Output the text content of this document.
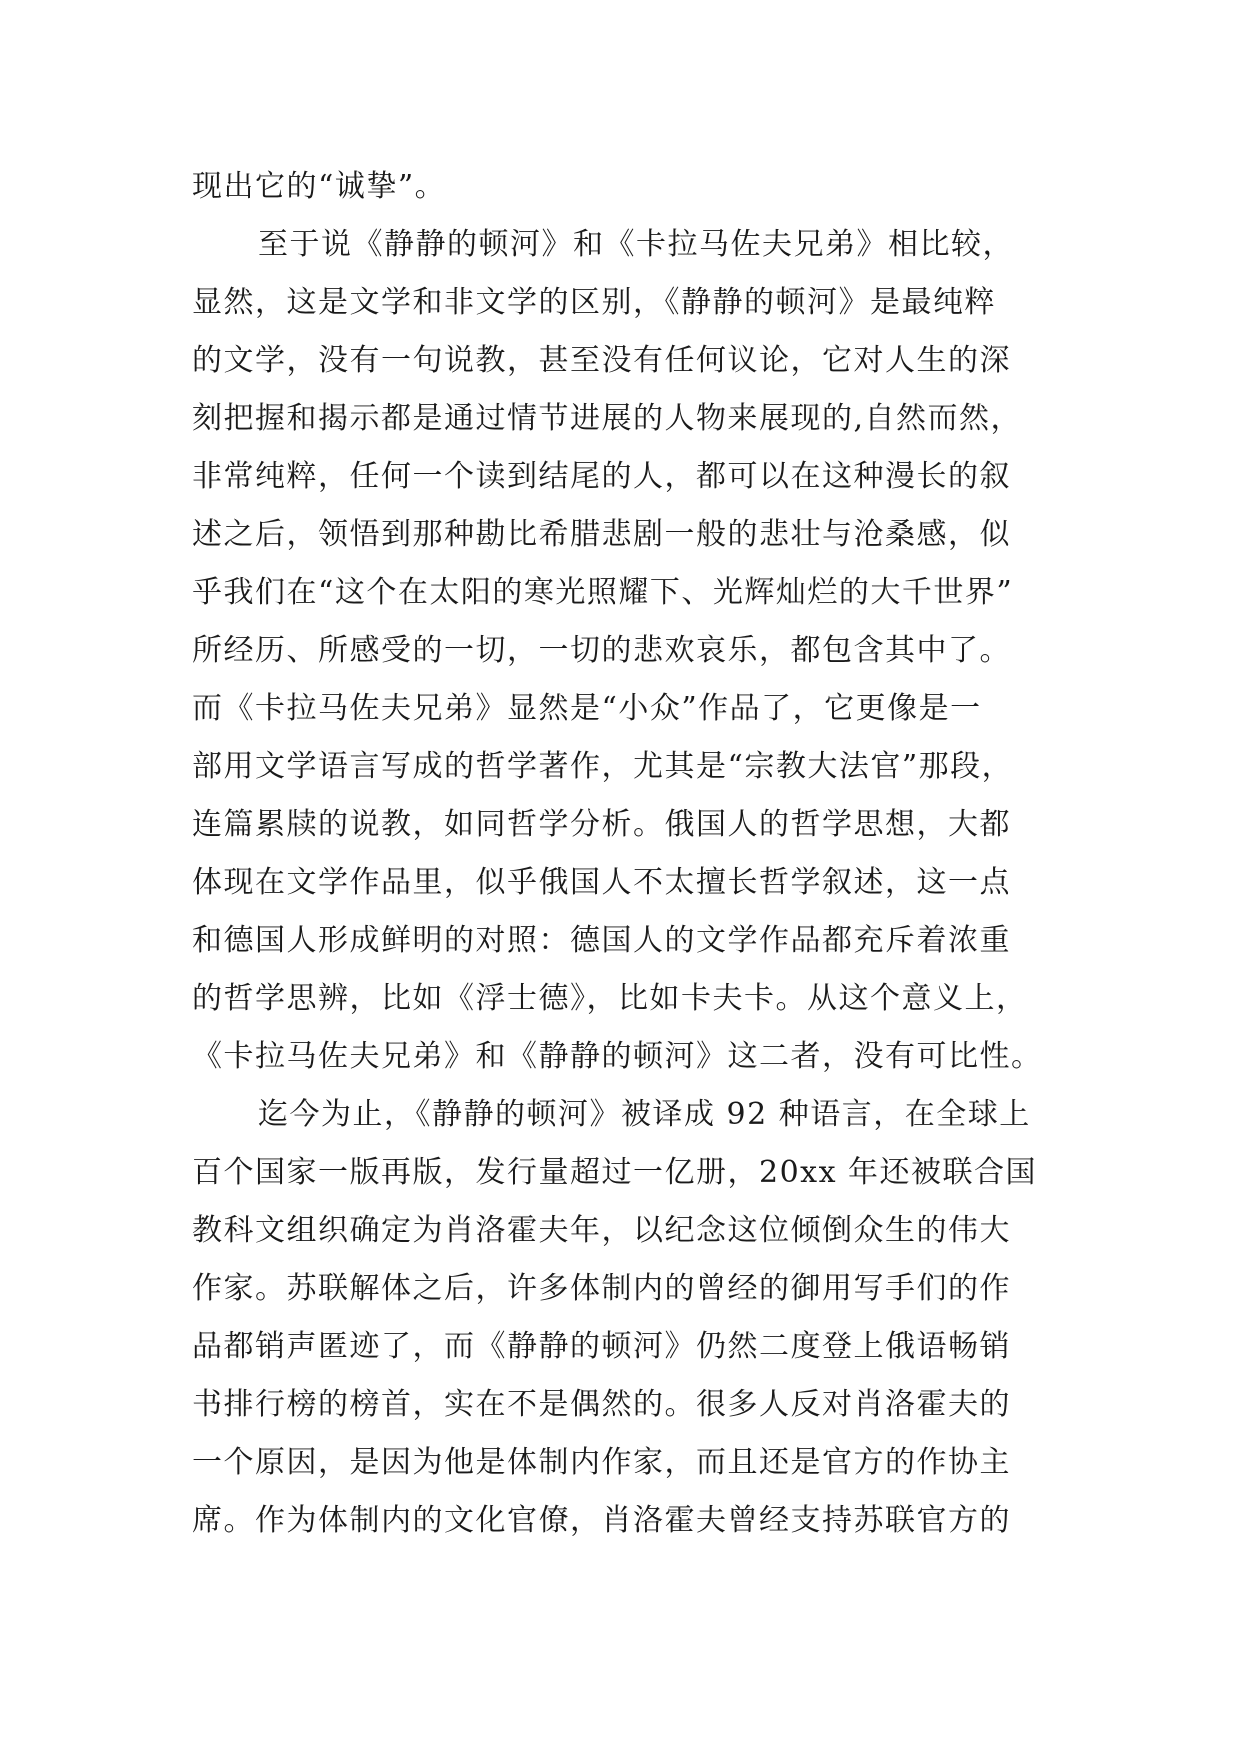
现出它的“诚挚”。
至于说《静静的顿河》和《卡拉马佐夫兄弟》相比较，
显然，这是文学和非文学的区别，《静静的顿河》是最纯粹
的文学，没有一句说教，甚至没有任何议论，它对人生的深
刻把握和揭示都是通过情节进展的人物来展现的,自然而然，
非常纯粹，任何一个读到结尾的人，都可以在这种漫长的叙
述之后，领悟到那种勘比希腊悲剧一般的悲壮与沧桑感，似
乎我们在“这个在太阳的寒光照耀下、光辉灿烂的大千世界”
所经历、所感受的一切，一切的悲欢哀乐，都包含其中了。
而《卡拉马佐夫兄弟》显然是“小众”作品了，它更像是一
部用文学语言写成的哲学著作，尤其是“宗教大法官”那段，
连篇累牍的说教，如同哲学分析。俄国人的哲学思想，大都
体现在文学作品里，似乎俄国人不太擅长哲学叙述，这一点
和德国人形成鲜明的对照：德国人的文学作品都充斥着浓重
的哲学思辨，比如《浮士德》，比如卡夫卡。从这个意义上，
《卡拉马佐夫兄弟》和《静静的顿河》这二者，没有可比性。
迄今为止，《静静的顿河》被译成 92 种语言，在全球上
百个国家一版再版，发行量超过一亿册，20xx 年还被联合国
教科文组织确定为肖洛霍夫年，以纪念这位倾倒众生的伟大
作家。苏联解体之后，许多体制内的曾经的御用写手们的作
品都销声匿迹了，而《静静的顿河》仍然二度登上俄语畅销
书排行榜的榜首，实在不是偶然的。很多人反对肖洛霍夫的
一个原因，是因为他是体制内作家，而且还是官方的作协主
席。作为体制内的文化官僚，肖洛霍夫曾经支持苏联官方的
